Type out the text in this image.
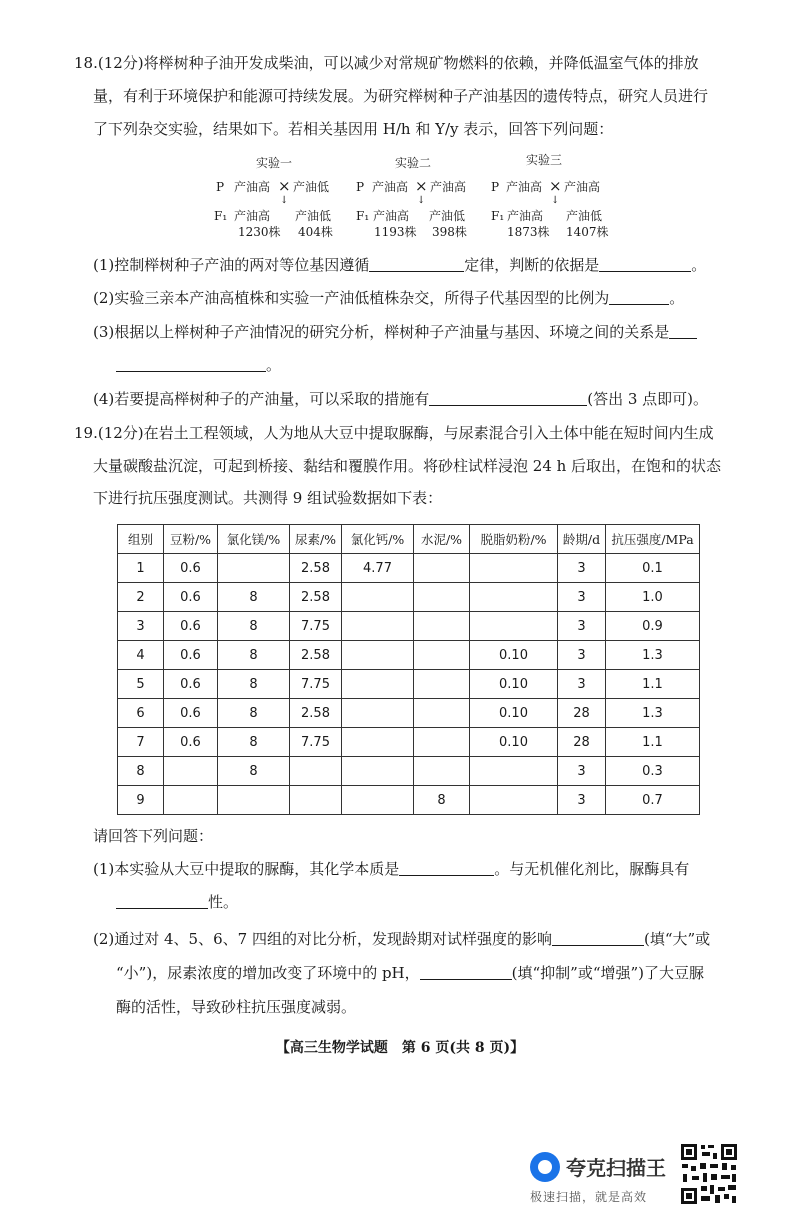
18.(12分)将榉树种子油开发成柴油，可以减少对常规矿物燃料的依赖，并降低温室气体的排放
量，有利于环境保护和能源可持续发展。为研究榉树种子产油基因的遗传特点，研究人员进行
了下列杂交实验，结果如下。若相关基因用 H/h 和 Y/y 表示，回答下列问题：
实验一
P 产油高 × 产油低
↓
F₁ 产油高 产油低
1230株 404株
实验二
P 产油高 × 产油高
↓
F₁ 产油高 产油低
1193株 398株
实验三
P 产油高 × 产油高
↓
F₁ 产油高 产油低
1873株 1407株
(1)控制榉树种子产油的两对等位基因遵循	定律，判断的依据是	。
(2)实验三亲本产油高植株和实验一产油低植株杂交，所得子代基因型的比例为	。
(3)根据以上榉树种子产油情况的研究分析，榉树种子产油量与基因、环境之间的关系是
。
(4)若要提高榉树种子的产油量，可以采取的措施有	(答出 3 点即可)。
19.(12分)在岩土工程领域，人为地从大豆中提取脲酶，与尿素混合引入土体中能在短时间内生成
大量碳酸盐沉淀，可起到桥接、黏结和覆膜作用。将砂柱试样浸泡 24 h 后取出，在饱和的状态
下进行抗压强度测试。共测得 9 组试验数据如下表：
组别	豆粉/%	氯化镁/%	尿素/%	氯化钙/%	水泥/%	脱脂奶粉/%	龄期/d	抗压强度/MPa
1	0.6		2.58	4.77			3	0.1
2	0.6	8	2.58				3	1.0
3	0.6	8	7.75				3	0.9
4	0.6	8	2.58			0.10	3	1.3
5	0.6	8	7.75			0.10	3	1.1
6	0.6	8	2.58			0.10	28	1.3
7	0.6	8	7.75			0.10	28	1.1
8		8					3	0.3
9					8		3	0.7
请回答下列问题：
(1)本实验从大豆中提取的脲酶，其化学本质是	。与无机催化剂比，脲酶具有
性。
(2)通过对 4、5、6、7 四组的对比分析，发现龄期对试样强度的影响	(填“大”或
“小”)，尿素浓度的增加改变了环境中的 pH，	(填“抑制”或“增强”)了大豆脲
酶的活性，导致砂柱抗压强度减弱。
【高三生物学试题　第 6 页(共 8 页)】
夸克扫描王
极速扫描，就是高效
